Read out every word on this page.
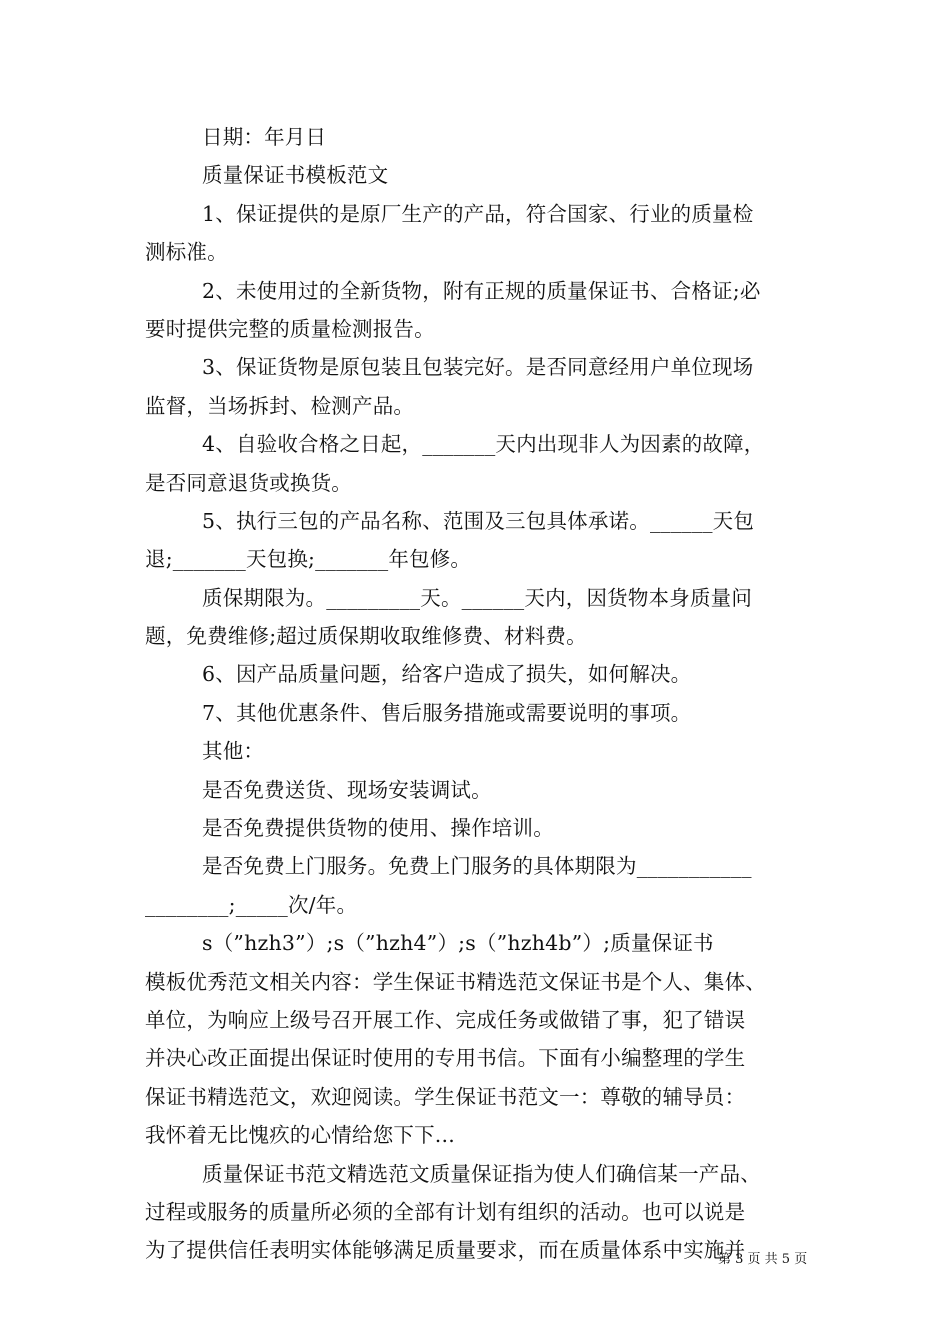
日期：年月日
质量保证书模板范文
1、保证提供的是原厂生产的产品，符合国家、行业的质量检
测标准。
2、未使用过的全新货物，附有正规的质量保证书、合格证;必
要时提供完整的质量检测报告。
3、保证货物是原包装且包装完好。是否同意经用户单位现场
监督，当场拆封、检测产品。
4、自验收合格之日起，_______天内出现非人为因素的故障，
是否同意退货或换货。
5、执行三包的产品名称、范围及三包具体承诺。______天包
退;_______天包换;_______年包修。
质保期限为。_________天。______天内，因货物本身质量问
题，免费维修;超过质保期收取维修费、材料费。
6、因产品质量问题，给客户造成了损失，如何解决。
7、其他优惠条件、售后服务措施或需要说明的事项。
其他：
是否免费送货、现场安装调试。
是否免费提供货物的使用、操作培训。
是否免费上门服务。免费上门服务的具体期限为___________
________;_____次/年。
s（”hzh3”）;s（”hzh4”）;s（”hzh4b”）;质量保证书
模板优秀范文相关内容：学生保证书精选范文保证书是个人、集体、
单位，为响应上级号召开展工作、完成任务或做错了事，犯了错误
并决心改正面提出保证时使用的专用书信。下面有小编整理的学生
保证书精选范文，欢迎阅读。学生保证书范文一：尊敬的辅导员：
我怀着无比愧疚的心情给您下下...
质量保证书范文精选范文质量保证指为使人们确信某一产品、
过程或服务的质量所必须的全部有计划有组织的活动。也可以说是
为了提供信任表明实体能够满足质量要求，而在质量体系中实施并
第 3 页 共 5 页
